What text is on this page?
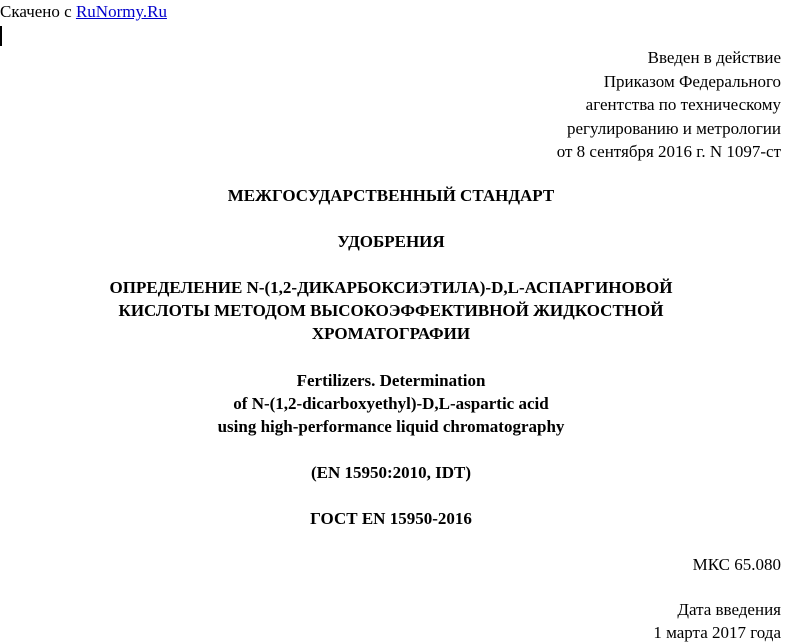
Скачено с RuNormy.Ru
Введен в действие
Приказом Федерального
агентства по техническому
регулированию и метрологии
от 8 сентября 2016 г. N 1097-ст
МЕЖГОСУДАРСТВЕННЫЙ СТАНДАРТ
УДОБРЕНИЯ
ОПРЕДЕЛЕНИЕ N-(1,2-ДИКАРБОКСИЭТИЛА)-D,L-АСПАРГИНОВОЙ
КИСЛОТЫ МЕТОДОМ ВЫСОКОЭФФЕКТИВНОЙ ЖИДКОСТНОЙ
ХРОМАТОГРАФИИ
Fertilizers. Determination
of N-(1,2-dicarboxyethyl)-D,L-aspartic acid
using high-performance liquid chromatography
(EN 15950:2010, IDT)
ГОСТ EN 15950-2016
МКС 65.080
Дата введения
1 марта 2017 года
